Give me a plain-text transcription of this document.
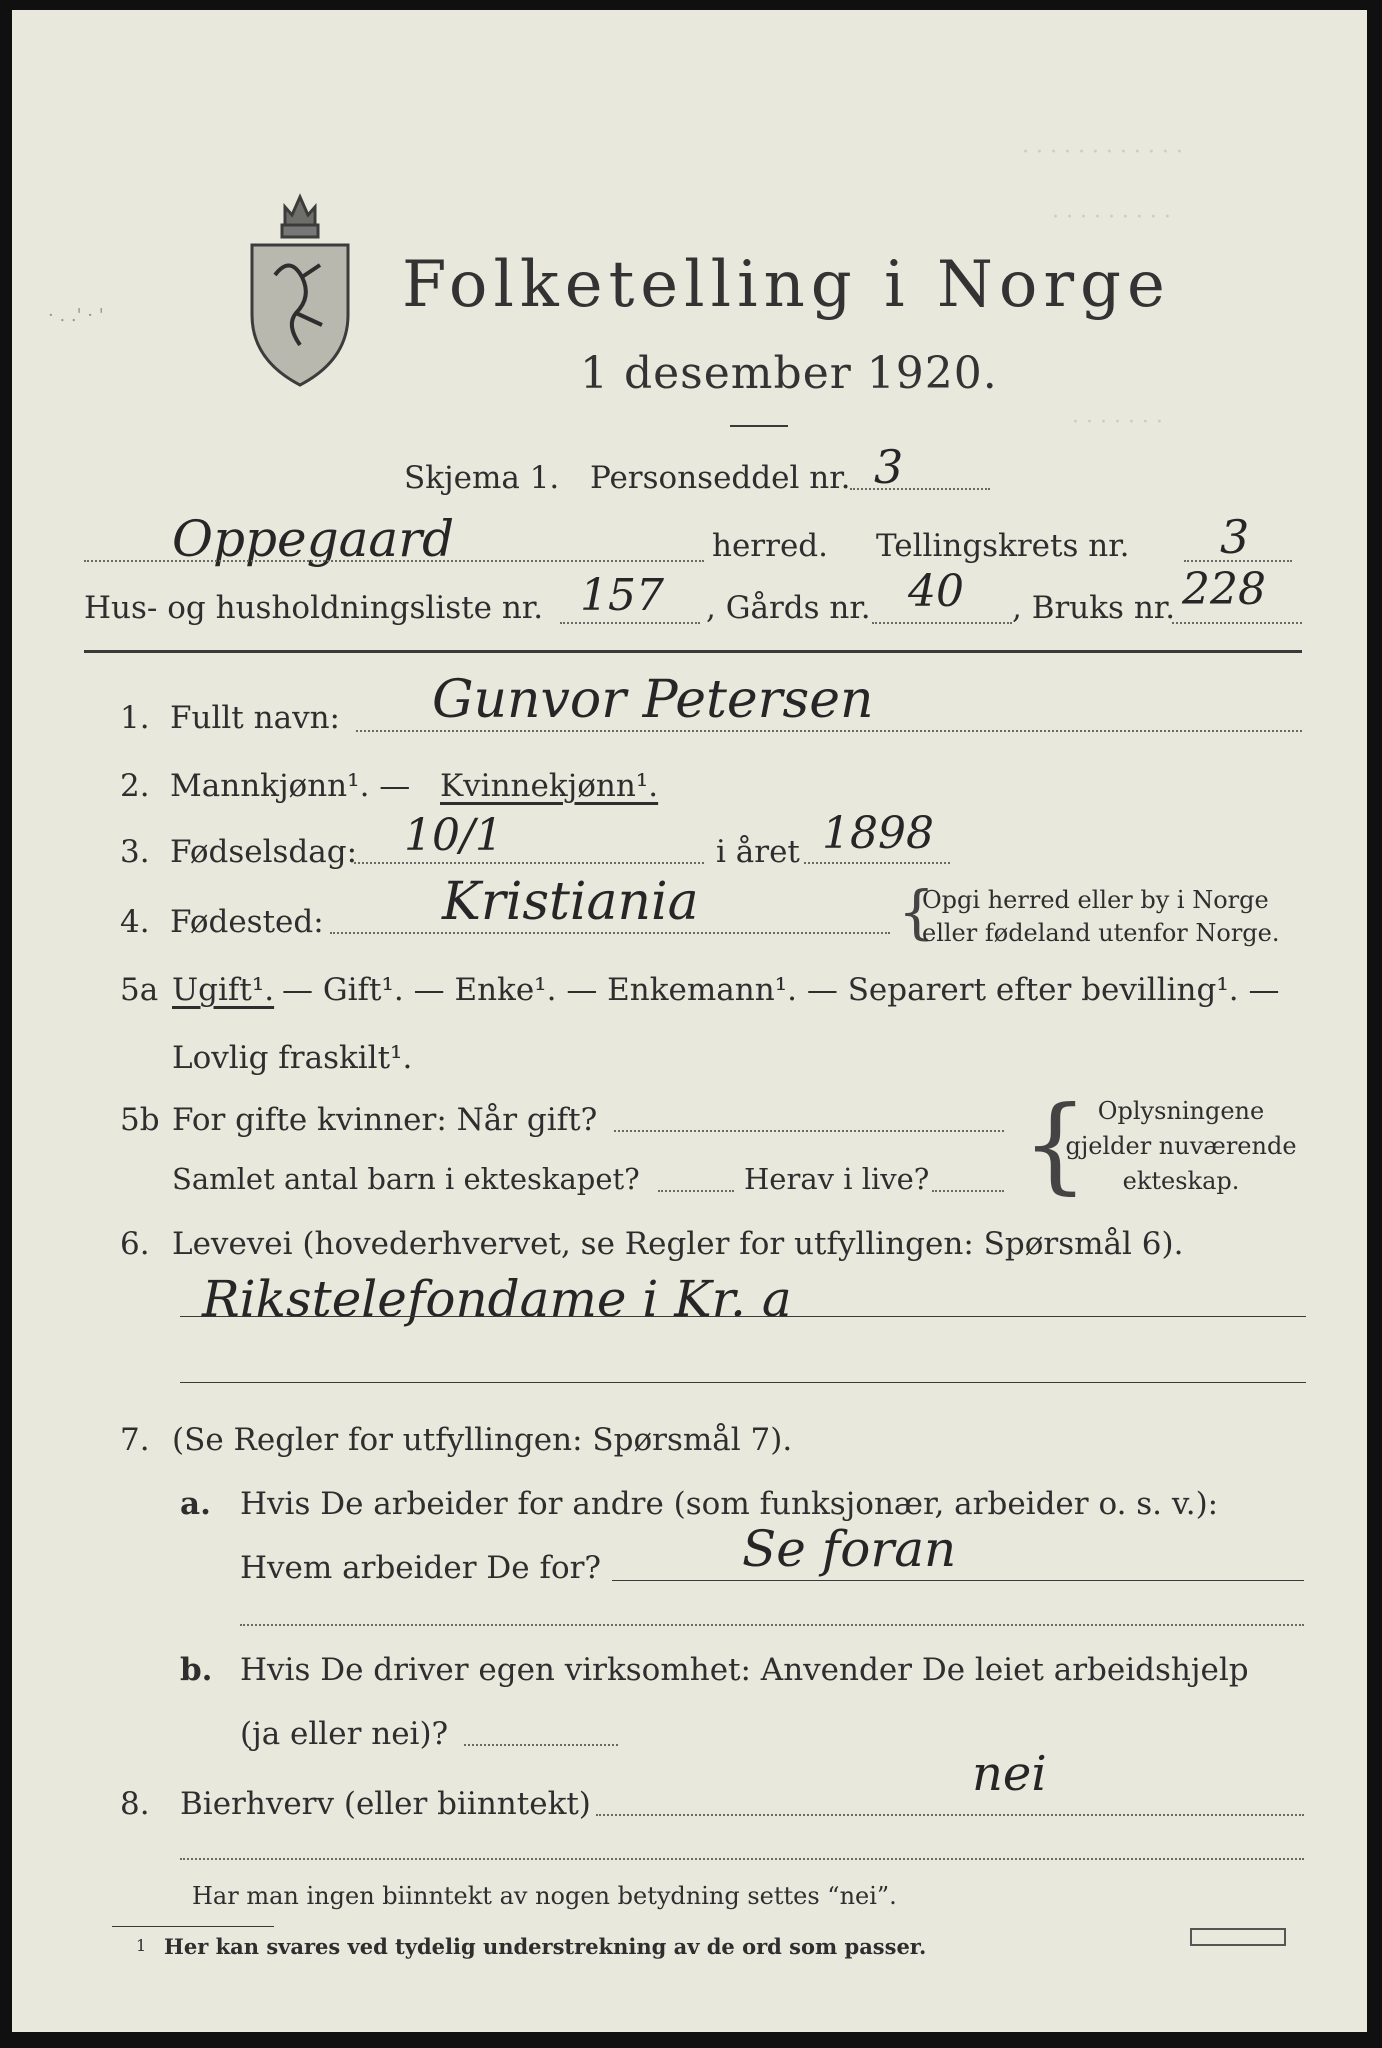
· · · · · · · · · · · ·
· · · · · · · · ·
· · · · · · ·
· . .' · '	Folketelling i Norge
1 desember 1920.
Skjema 1. Personseddel nr. 3
Oppegaard	herred. Tellingskrets nr. 3
Hus- og husholdningsliste nr. 157 , Gårds nr. 40 , Bruks nr. 228
1. Fullt navn: Gunvor Petersen
2. Mannkjønn¹. — Kvinnekjønn¹.
3. Fødselsdag: 10/1	i året 1898
4. Fødested: Kristiania	{
Opgi herred eller by i Norge
eller fødeland utenfor Norge.
5a Ugift¹. — Gift¹. — Enke¹. — Enkemann¹. — Separert efter bevilling¹. —
Lovlig fraskilt¹.
5b For gifte kvinner: Når gift?
Samlet antal barn i ekteskapet?	Herav i live? { Oplysningene
gjelder nuværende
ekteskap.
6. Levevei (hovederhvervet, se Regler for utfyllingen: Spørsmål 6).
Rikstelefondame i Kr. a
7. (Se Regler for utfyllingen: Spørsmål 7).
a. Hvis De arbeider for andre (som funksjonær, arbeider o. s. v.):
Hvem arbeider De for?	Se foran
b. Hvis De driver egen virksomhet: Anvender De leiet arbeidshjelp
(ja eller nei)?
8. Bierhverv (eller biinntekt)
nei
Har man ingen biinntekt av nogen betydning settes “nei”.
1 Her kan svares ved tydelig understrekning av de ord som passer.
